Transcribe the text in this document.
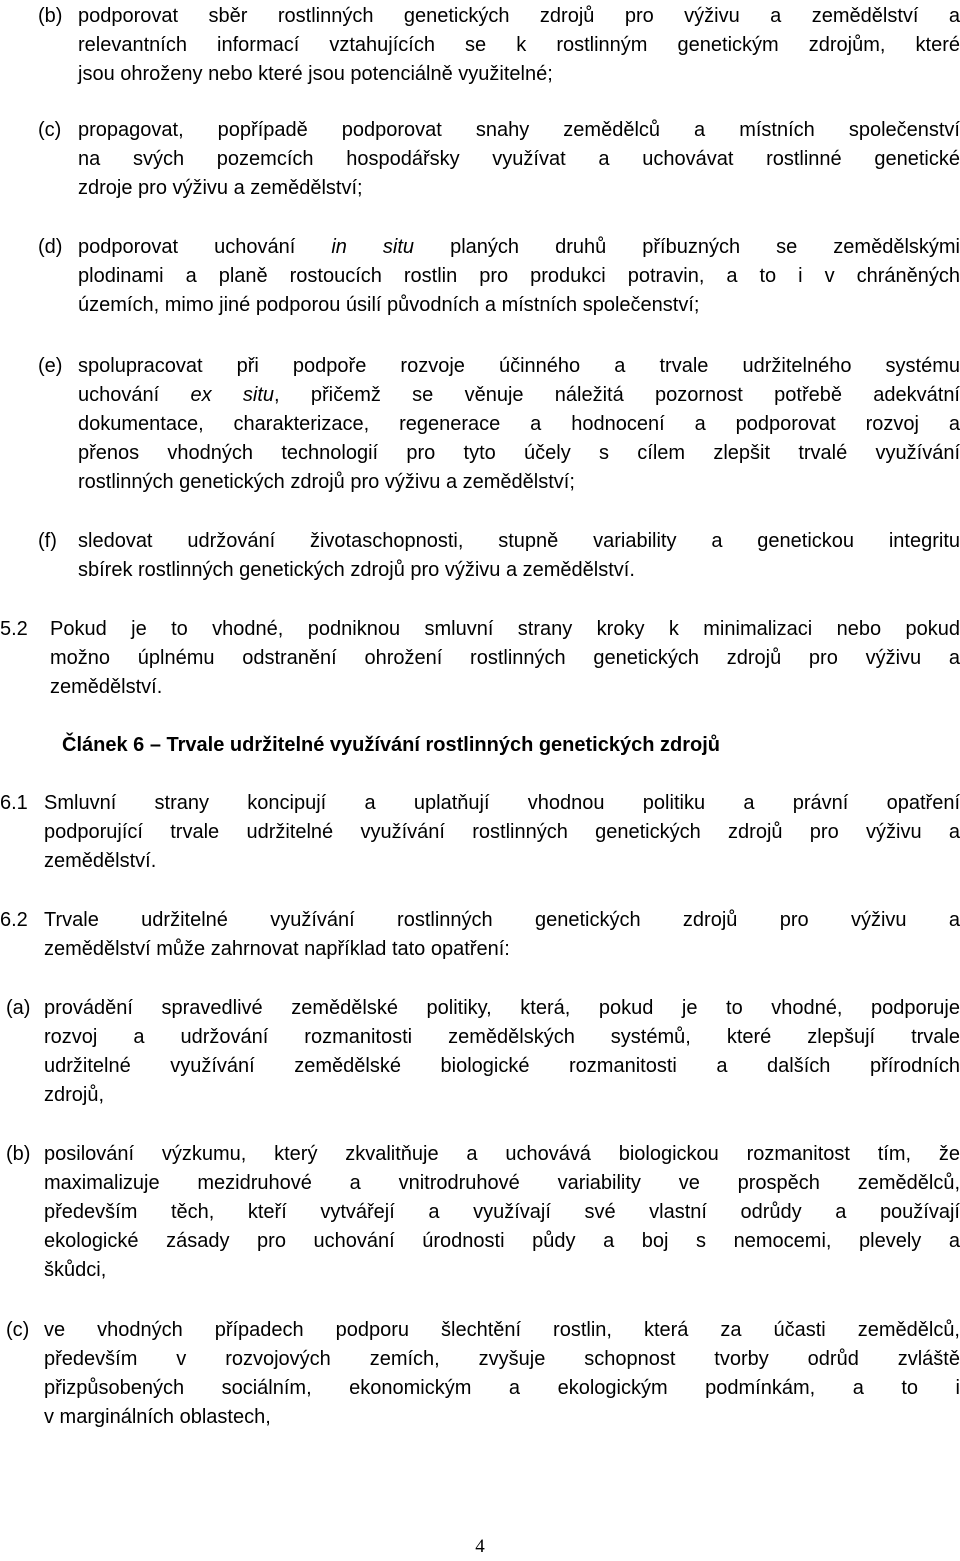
(b) podporovat sběr rostlinných genetických zdrojů pro výživu a zemědělství a
relevantních informací vztahujících se k rostlinným genetickým zdrojům, které
jsou ohroženy nebo které jsou potenciálně využitelné;
(c) propagovat, popřípadě podporovat snahy zemědělců a místních společenství
na svých pozemcích hospodářsky využívat a uchovávat rostlinné genetické
zdroje pro výživu a zemědělství;
(d) podporovat uchování in situ planých druhů příbuzných se zemědělskými
plodinami a planě rostoucích rostlin pro produkci potravin, a to i v chráněných
územích, mimo jiné podporou úsilí původních a místních společenství;
(e) spolupracovat při podpoře rozvoje účinného a trvale udržitelného systému
uchování ex situ, přičemž se věnuje náležitá pozornost potřebě adekvátní
dokumentace, charakterizace, regenerace a hodnocení a podporovat rozvoj a
přenos vhodných technologií pro tyto účely s cílem zlepšit trvalé využívání
rostlinných genetických zdrojů pro výživu a zemědělství;
(f)	sledovat udržování životaschopnosti, stupně variability a genetickou integritu
sbírek rostlinných genetických zdrojů pro výživu a zemědělství.
5.2	Pokud je to vhodné, podniknou smluvní strany kroky k minimalizaci nebo pokud
možno úplnému odstranění ohrožení rostlinných genetických zdrojů pro výživu a
zemědělství.
Článek 6 – Trvale udržitelné využívání rostlinných genetických zdrojů
6.1 Smluvní strany koncipují a uplatňují vhodnou politiku a právní opatření
podporující trvale udržitelné využívání rostlinných genetických zdrojů pro výživu a
zemědělství.
6.2 Trvale udržitelné využívání rostlinných genetických zdrojů pro výživu a
zemědělství může zahrnovat například tato opatření:
(a) provádění spravedlivé zemědělské politiky, která, pokud je to vhodné, podporuje
rozvoj a udržování rozmanitosti zemědělských systémů, které zlepšují trvale
udržitelné využívání zemědělské biologické rozmanitosti a dalších přírodních
zdrojů,
(b) posilování výzkumu, který zkvalitňuje a uchovává biologickou rozmanitost tím, že
maximalizuje mezidruhové a vnitrodruhové variability ve prospěch zemědělců,
především těch, kteří vytvářejí a využívají své vlastní odrůdy a používají
ekologické zásady pro uchování úrodnosti půdy a boj s nemocemi, plevely a
škůdci,
(c) ve vhodných případech podporu šlechtění rostlin, která za účasti zemědělců,
především v rozvojových zemích, zvyšuje schopnost tvorby odrůd zvláště
přizpůsobených sociálním, ekonomickým a ekologickým podmínkám, a to i
v marginálních oblastech,
4
